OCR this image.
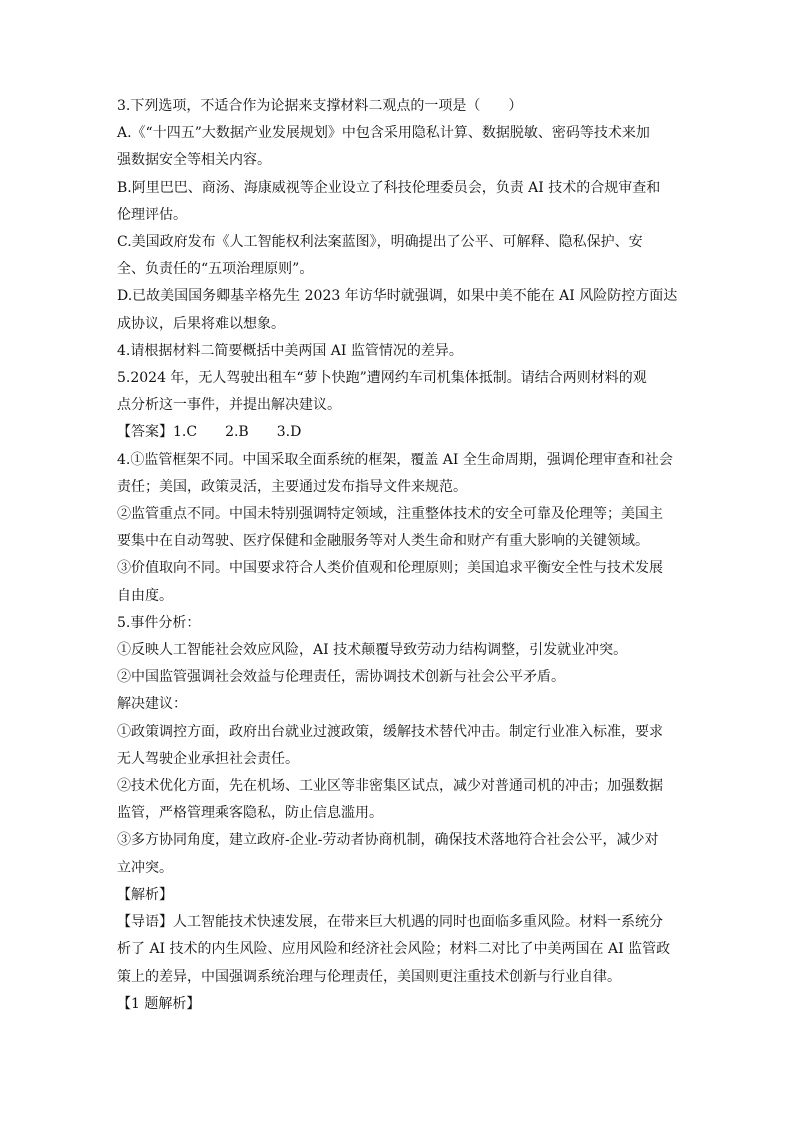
3.下列选项，不适合作为论据来支撑材料二观点的一项是（　　）

A.《“十四五”大数据产业发展规划》中包含采用隐私计算、数据脱敏、密码等技术来加

强数据安全等相关内容。

B.阿里巴巴、商汤、海康威视等企业设立了科技伦理委员会，负责 AI 技术的合规审查和

伦理评估。

C.美国政府发布《人工智能权利法案蓝图》，明确提出了公平、可解释、隐私保护、安

全、负责任的“五项治理原则”。

D.已故美国国务卿基辛格先生 2023 年访华时就强调，如果中美不能在 AI 风险防控方面达

成协议，后果将难以想象。

4.请根据材料二简要概括中美两国 AI 监管情况的差异。

5.2024 年，无人驾驶出租车“萝卜快跑”遭网约车司机集体抵制。请结合两则材料的观

点分析这一事件，并提出解决建议。

【答案】1.C　　2.B　　3.D

4.①监管框架不同。中国采取全面系统的框架，覆盖 AI 全生命周期，强调伦理审查和社会

责任；美国，政策灵活，主要通过发布指导文件来规范。

②监管重点不同。中国未特别强调特定领域，注重整体技术的安全可靠及伦理等；美国主

要集中在自动驾驶、医疗保健和金融服务等对人类生命和财产有重大影响的关键领域。

③价值取向不同。中国要求符合人类价值观和伦理原则；美国追求平衡安全性与技术发展

自由度。

5.事件分析：

①反映人工智能社会效应风险，AI 技术颠覆导致劳动力结构调整，引发就业冲突。

②中国监管强调社会效益与伦理责任，需协调技术创新与社会公平矛盾。

解决建议：

①政策调控方面，政府出台就业过渡政策，缓解技术替代冲击。制定行业准入标准，要求

无人驾驶企业承担社会责任。

②技术优化方面，先在机场、工业区等非密集区试点，减少对普通司机的冲击；加强数据

监管，严格管理乘客隐私，防止信息滥用。

③多方协同角度，建立政府-企业-劳动者协商机制，确保技术落地符合社会公平，减少对

立冲突。

【解析】

【导语】人工智能技术快速发展，在带来巨大机遇的同时也面临多重风险。材料一系统分

析了 AI 技术的内生风险、应用风险和经济社会风险；材料二对比了中美两国在 AI 监管政

策上的差异，中国强调系统治理与伦理责任，美国则更注重技术创新与行业自律。

【1 题解析】
